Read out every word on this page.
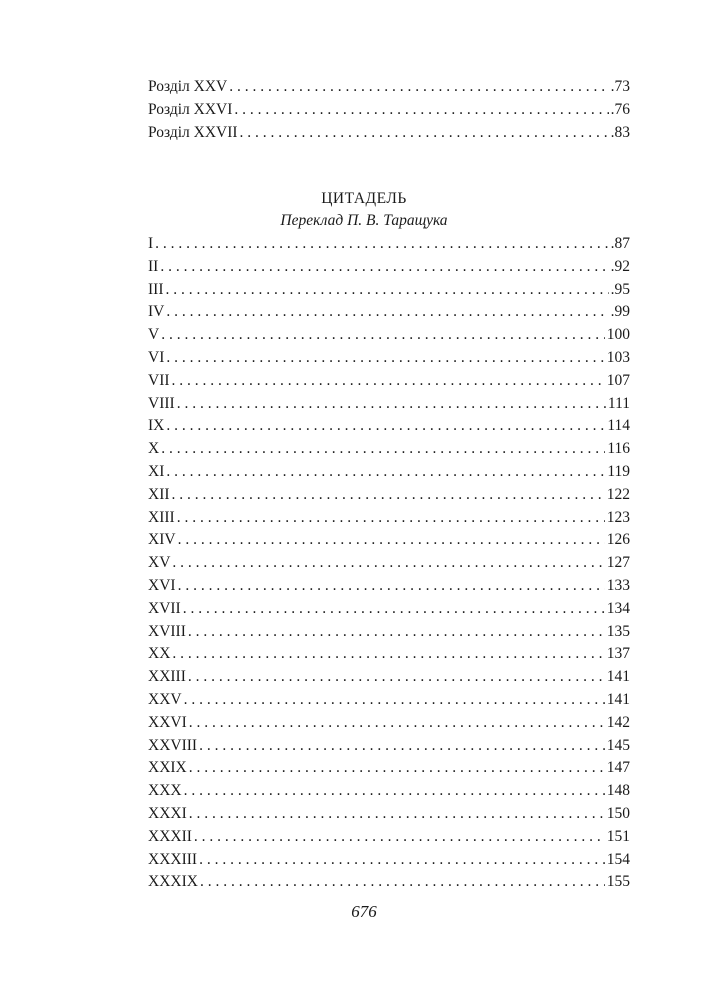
Розділ XXV . . .	.73
Розділ XXVI . . .	.76
Розділ XXVII . . .	.83
ЦИТАДЕЛЬ
Переклад П. В. Таращука
I . . .	.87
II . . .	.92
III . . .	.95
IV . . .	.99
V . . .	100
VI . . .	103
VII . . .	107
VIII . . .	111
IX . . .	114
X . . .	116
XI . . .	119
XII . . .	122
XIII . . .	123
XIV . . .	126
XV . . .	127
XVI . . .	133
XVII . . .	134
XVIII . . .	135
XX . . .	137
XXIII . . .	141
XXV . . .	141
XXVI . . .	142
XXVIII . . .	145
XXIX . . .	147
XXX . . .	148
XXXI . . .	150
XXXII . . .	151
XXXIII . . .	154
XXXIX . . .	155
676
